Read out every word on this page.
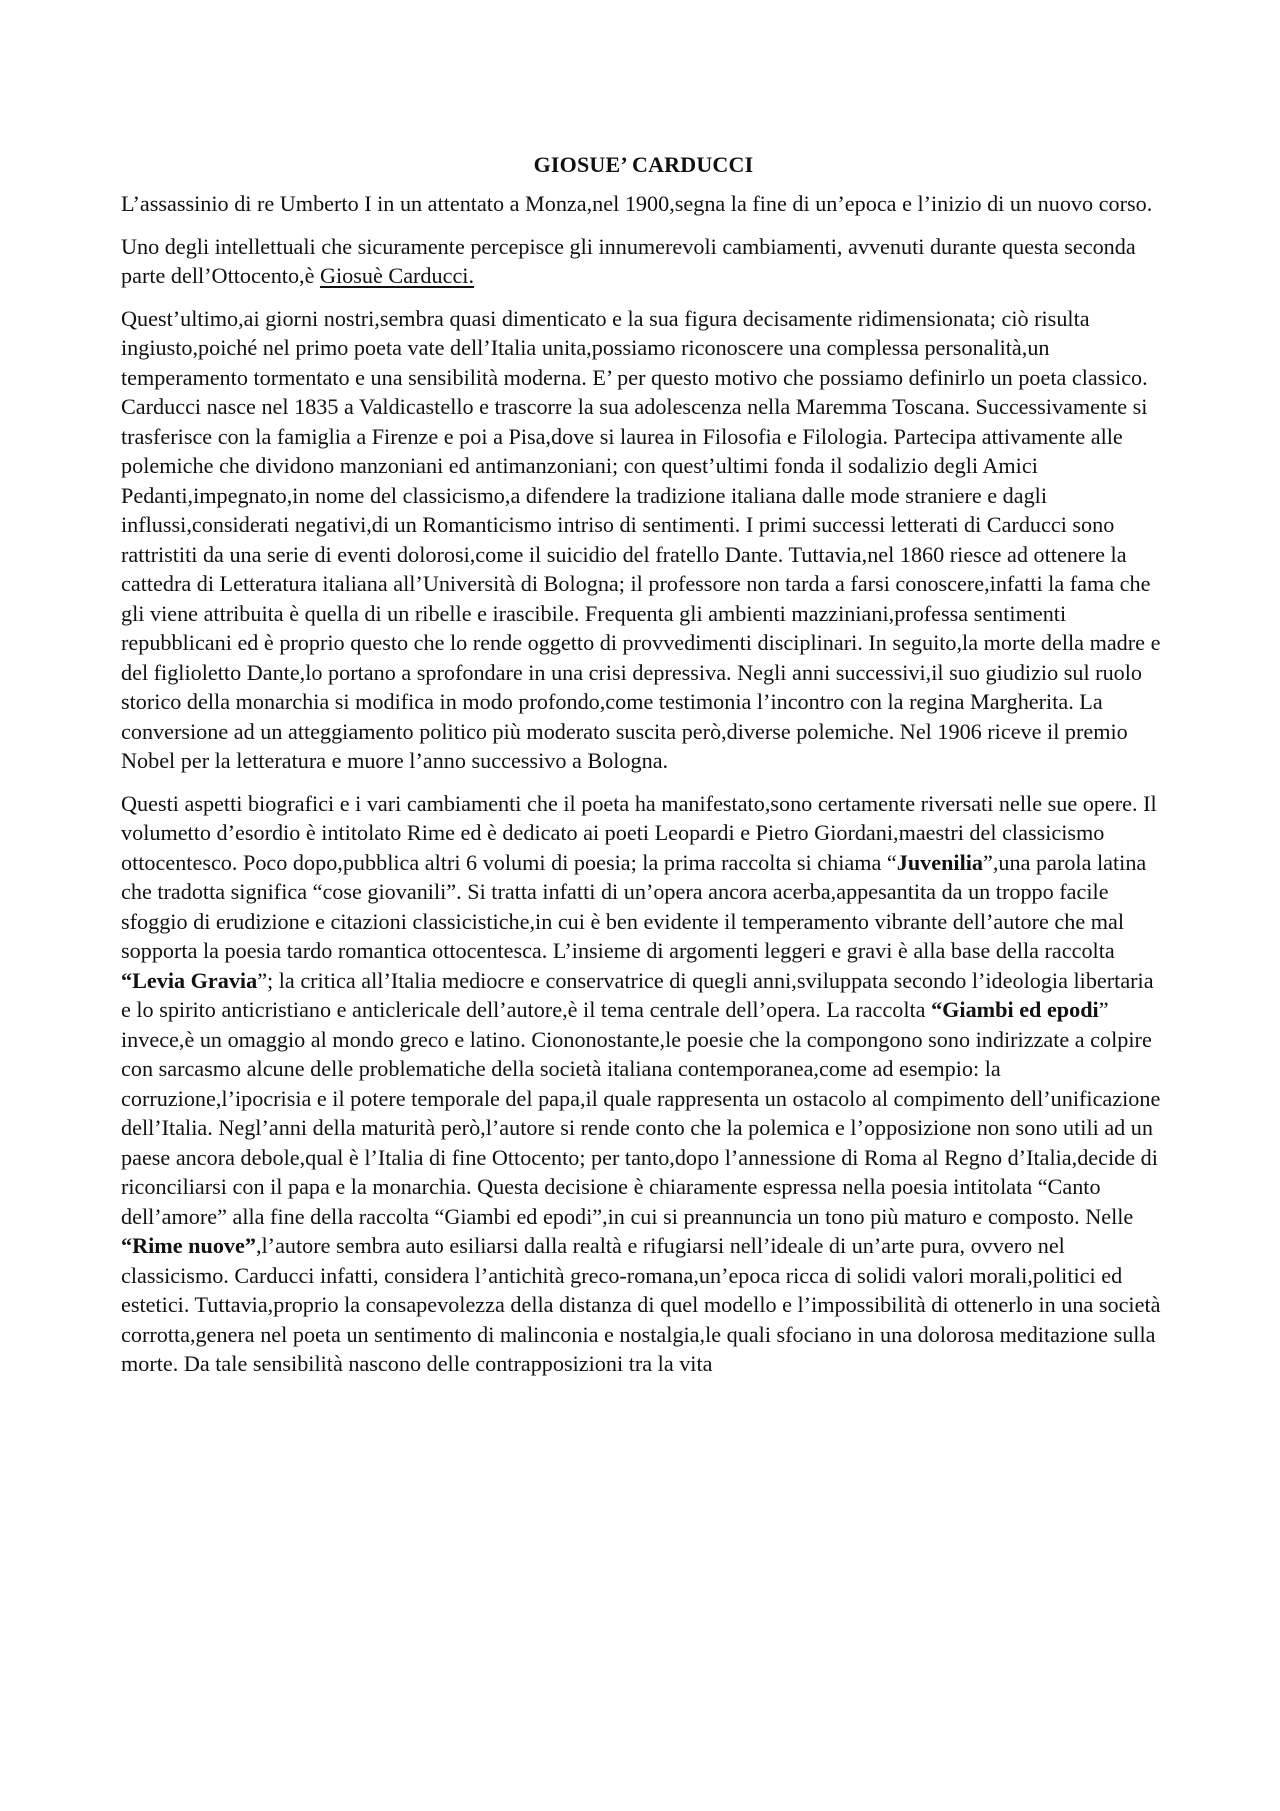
GIOSUE’ CARDUCCI

L’assassinio di re Umberto I in un attentato a Monza,nel 1900,segna la fine di un’epoca e l’inizio di un nuovo corso.

Uno degli intellettuali che sicuramente percepisce gli innumerevoli cambiamenti, avvenuti durante questa seconda parte dell’Ottocento,è Giosuè Carducci.

Quest’ultimo,ai giorni nostri,sembra quasi dimenticato e la sua figura decisamente ridimensionata; ciò risulta ingiusto,poiché nel primo poeta vate dell’Italia unita,possiamo riconoscere una complessa personalità,un temperamento tormentato e una sensibilità moderna. E’ per questo motivo che possiamo definirlo un poeta classico. Carducci nasce nel 1835 a Valdicastello e trascorre la sua adolescenza nella Maremma Toscana. Successivamente si trasferisce con la famiglia a Firenze e poi a Pisa,dove si laurea in Filosofia e Filologia. Partecipa attivamente alle polemiche che dividono manzoniani ed antimanzoniani; con quest’ultimi fonda il sodalizio degli Amici Pedanti,impegnato,in nome del classicismo,a difendere la tradizione italiana dalle mode straniere e dagli influssi,considerati negativi,di un Romanticismo intriso di sentimenti. I primi successi letterati di Carducci sono rattristiti da una serie di eventi dolorosi,come il suicidio del fratello Dante. Tuttavia,nel 1860 riesce ad ottenere la cattedra di Letteratura italiana all’Università di Bologna; il professore non tarda a farsi conoscere,infatti la fama che gli viene attribuita è quella di un ribelle e irascibile. Frequenta gli ambienti mazziniani,professa sentimenti repubblicani ed è proprio questo che lo rende oggetto di provvedimenti disciplinari. In seguito,la morte della madre e del figlioletto Dante,lo portano a sprofondare in una crisi depressiva. Negli anni successivi,il suo giudizio sul ruolo storico della monarchia si modifica in modo profondo,come testimonia l’incontro con la regina Margherita. La conversione ad un atteggiamento politico più moderato suscita però,diverse polemiche. Nel 1906 riceve il premio Nobel per la letteratura e muore l’anno successivo a Bologna.

Questi aspetti biografici e i vari cambiamenti che il poeta ha manifestato,sono certamente riversati nelle sue opere. Il volumetto d’esordio è intitolato Rime ed è dedicato ai poeti Leopardi e Pietro Giordani,maestri del classicismo ottocentesco. Poco dopo,pubblica altri 6 volumi di poesia; la prima raccolta si chiama “Juvenilia”,una parola latina che tradotta significa “cose giovanili”. Si tratta infatti di un’opera ancora acerba,appesantita da un troppo facile sfoggio di erudizione e citazioni classicistiche,in cui è ben evidente il temperamento vibrante dell’autore che mal sopporta la poesia tardo romantica ottocentesca. L’insieme di argomenti leggeri e gravi è alla base della raccolta “Levia Gravia”; la critica all’Italia mediocre e conservatrice di quegli anni,sviluppata secondo l’ideologia libertaria e lo spirito anticristiano e anticlericale dell’autore,è il tema centrale dell’opera. La raccolta “Giambi ed epodi” invece,è un omaggio al mondo greco e latino. Ciononostante,le poesie che la compongono sono indirizzate a colpire con sarcasmo alcune delle problematiche della società italiana contemporanea,come ad esempio: la corruzione,l’ipocrisia e il potere temporale del papa,il quale rappresenta un ostacolo al compimento dell’unificazione dell’Italia. Negl’anni della maturità però,l’autore si rende conto che la polemica e l’opposizione non sono utili ad un paese ancora debole,qual è l’Italia di fine Ottocento; per tanto,dopo l’annessione di Roma al Regno d’Italia,decide di riconciliarsi con il papa e la monarchia. Questa decisione è chiaramente espressa nella poesia intitolata “Canto dell’amore” alla fine della raccolta “Giambi ed epodi”,in cui si preannuncia un tono più maturo e composto. Nelle “Rime nuove”,l’autore sembra auto esiliarsi dalla realtà e rifugiarsi nell’ideale di un’arte pura, ovvero nel classicismo. Carducci infatti, considera l’antichità greco-romana,un’epoca ricca di solidi valori morali,politici ed estetici. Tuttavia,proprio la consapevolezza della distanza di quel modello e l’impossibilità di ottenerlo in una società corrotta,genera nel poeta un sentimento di malinconia e nostalgia,le quali sfociano in una dolorosa meditazione sulla morte. Da tale sensibilità nascono delle contrapposizioni tra la vita
